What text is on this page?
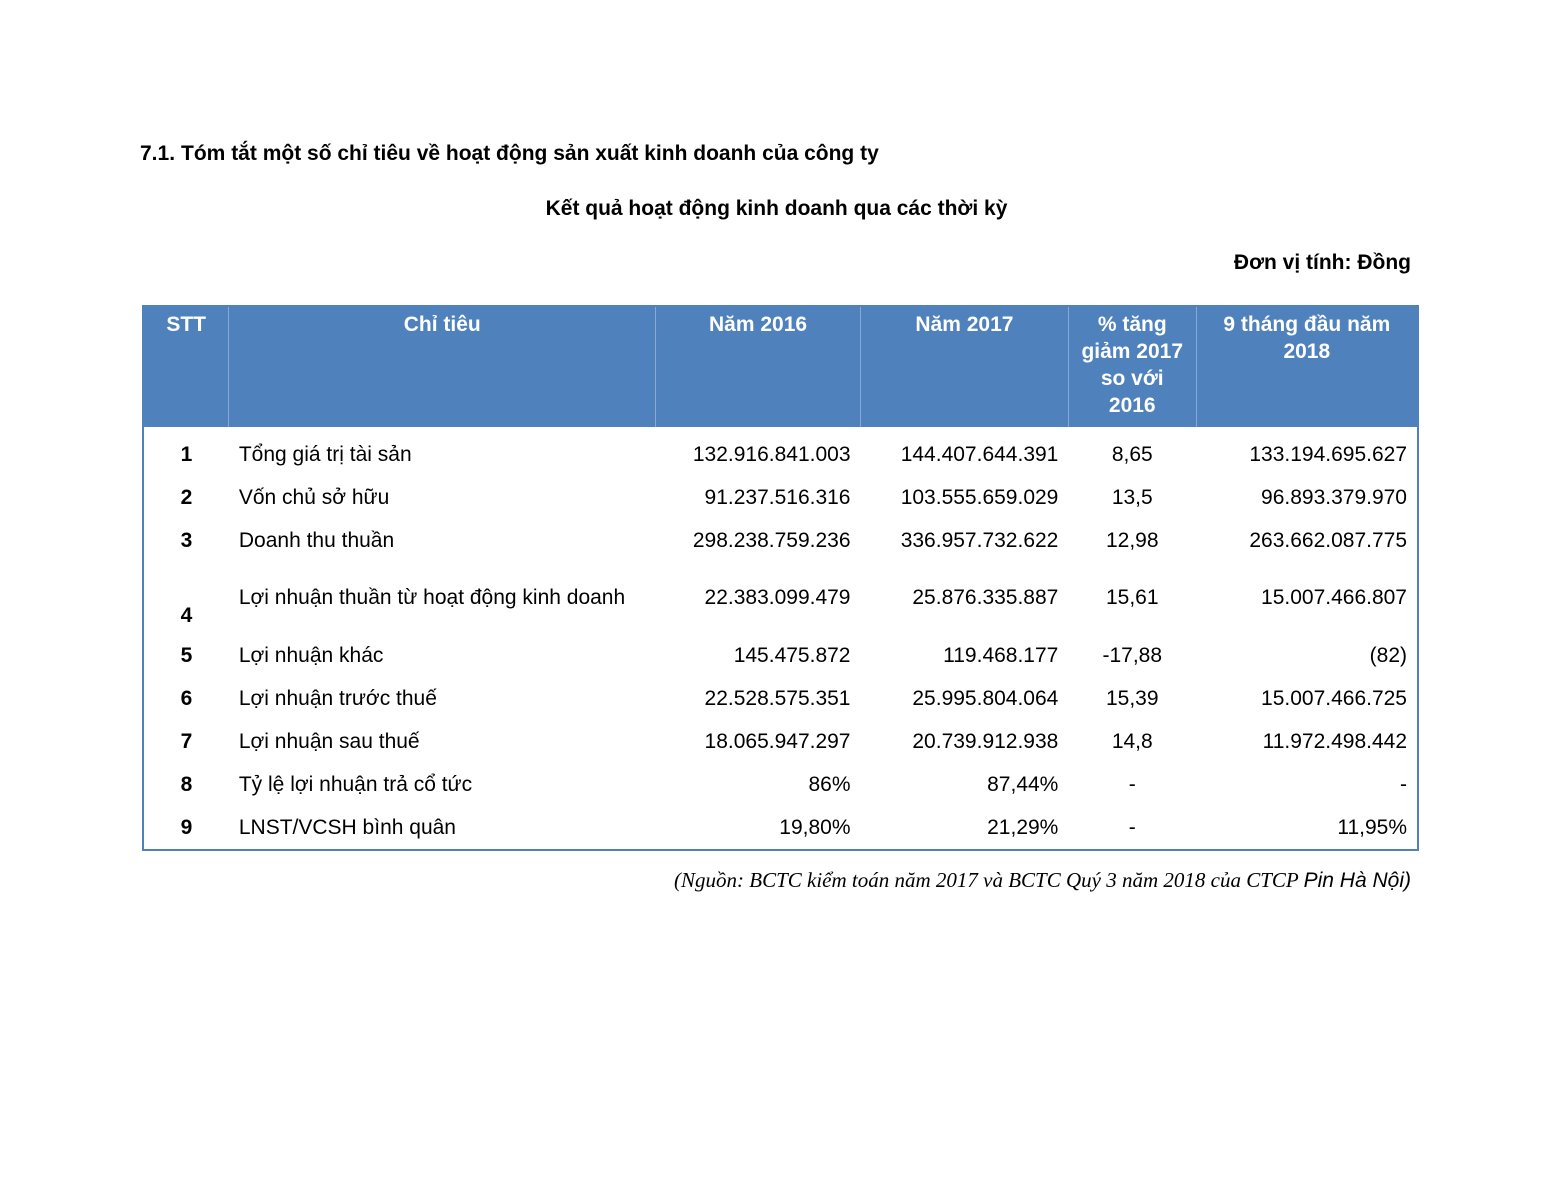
7.1. Tóm tắt một số chỉ tiêu về hoạt động sản xuất kinh doanh của công ty
Kết quả hoạt động kinh doanh qua các thời kỳ
Đơn vị tính: Đồng
STT	Chỉ tiêu	Năm 2016	Năm 2017	% tăng giảm 2017 so với 2016	9 tháng đầu năm 2018
1	Tổng giá trị tài sản	132.916.841.003	144.407.644.391	8,65	133.194.695.627
2	Vốn chủ sở hữu	91.237.516.316	103.555.659.029	13,5	96.893.379.970
3	Doanh thu thuần	298.238.759.236	336.957.732.622	12,98	263.662.087.775
4	Lợi nhuận thuần từ hoạt động kinh doanh	22.383.099.479	25.876.335.887	15,61	15.007.466.807
5	Lợi nhuận khác	145.475.872	119.468.177	-17,88	(82)
6	Lợi nhuận trước thuế	22.528.575.351	25.995.804.064	15,39	15.007.466.725
7	Lợi nhuận sau thuế	18.065.947.297	20.739.912.938	14,8	11.972.498.442
8	Tỷ lệ lợi nhuận trả cổ tức	86%	87,44%	-	-
9	LNST/VCSH bình quân	19,80%	21,29%	-	11,95%
(Nguồn: BCTC kiểm toán năm 2017 và BCTC Quý 3 năm 2018 của CTCP Pin Hà Nội)
